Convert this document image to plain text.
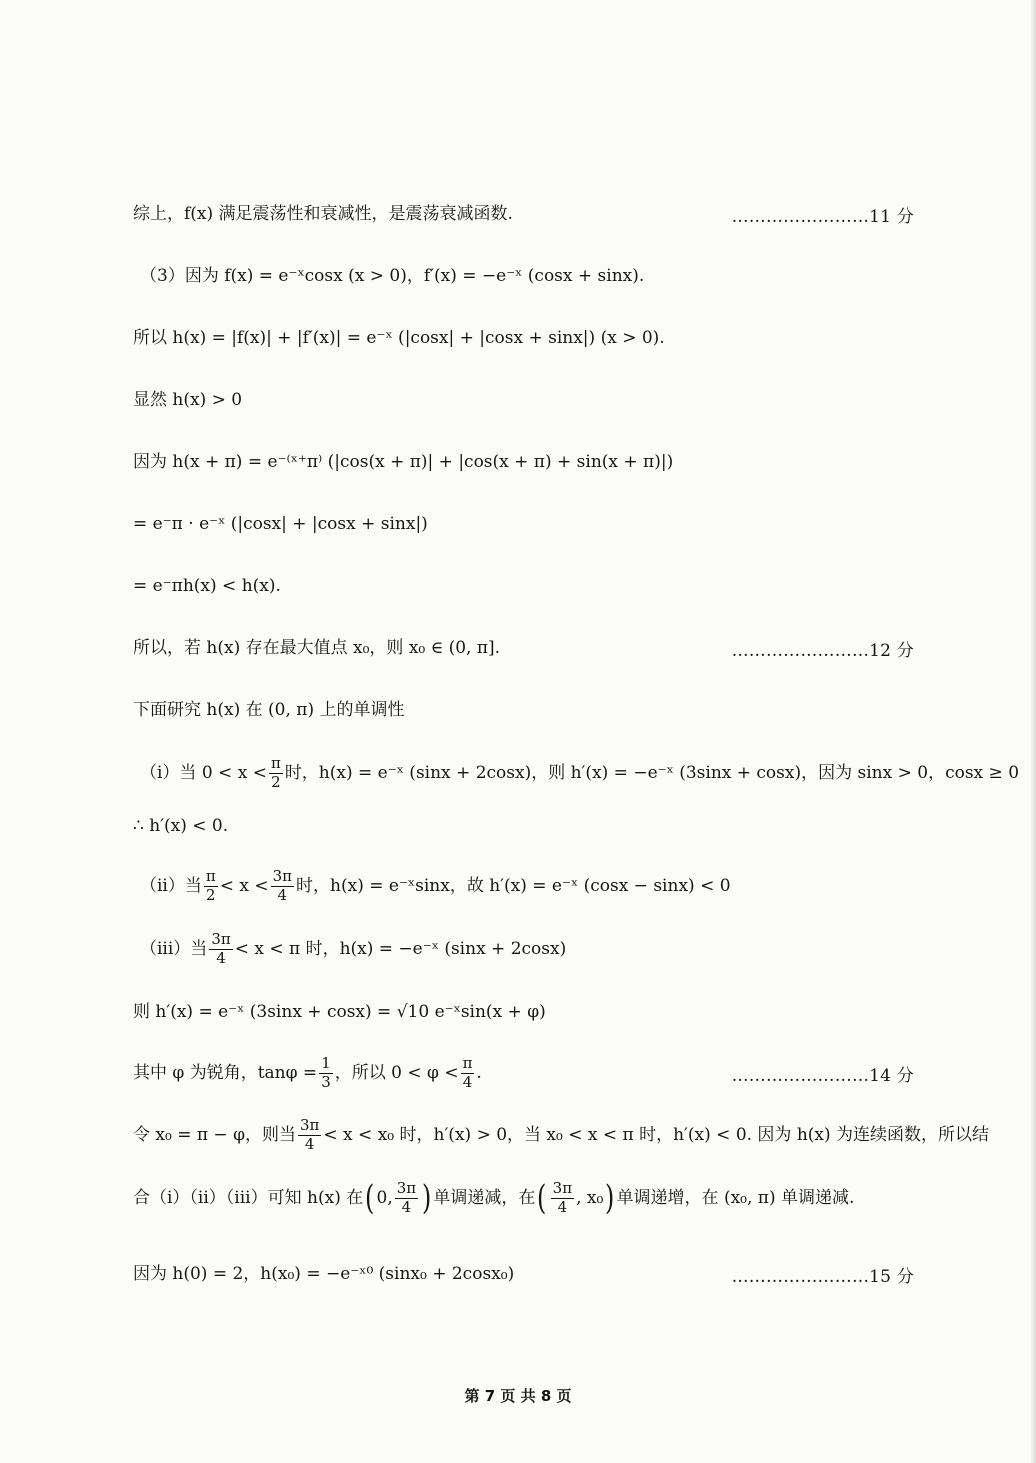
综上，f(x) 满足震荡性和衰减性，是震荡衰减函数.	……………………11 分
（3）因为 f(x) = e⁻ˣcosx (x > 0)，f′(x) = −e⁻ˣ (cosx + sinx).
所以 h(x) = |f(x)| + |f′(x)| = e⁻ˣ (|cosx| + |cosx + sinx|) (x > 0).
显然 h(x) > 0
因为 h(x + π) = e⁻⁽ˣ⁺π⁾ (|cos(x + π)| + |cos(x + π) + sin(x + π)|)
= e⁻π · e⁻ˣ (|cosx| + |cosx + sinx|)
= e⁻πh(x) < h(x).
所以，若 h(x) 存在最大值点 x₀，则 x₀ ∈ (0, π].	……………………12 分
下面研究 h(x) 在 (0, π) 上的单调性
（i）当 $0 < x < \frac{\pi}{2}$ 时，h(x) = e⁻ˣ (sinx + 2cosx)，则 h′(x) = −e⁻ˣ (3sinx + cosx)，因为 sinx > 0，cosx ≥ 0
∴ h′(x) < 0.
（ii）当 $\frac{\pi}{2} < x < \frac{3\pi}{4}$ 时，h(x) = e⁻ˣsinx，故 h′(x) = e⁻ˣ (cosx − sinx) < 0
（iii）当 $\frac{3\pi}{4} < x < \pi$ 时，h(x) = −e⁻ˣ (sinx + 2cosx)
则 h′(x) = e⁻ˣ (3sinx + cosx) = √10 e⁻ˣsin(x + φ)
其中 φ 为锐角，$\tan\varphi = \frac{1}{3}$ ，所以 $0 < \varphi < \frac{\pi}{4}$ .	……………………14 分
令 x₀ = π − φ，则当 $\frac{3\pi}{4} < x < x_0$ 时，h′(x) > 0，当 x₀ < x < π 时，h′(x) < 0. 因为 h(x) 为连续函数，所以结
合（i）（ii）（iii）可知 h(x) 在 ( 0, $\frac{3\pi}{4}$ ) 单调递减，在 ( $\frac{3\pi}{4}$ , x₀ ) 单调递增，在 (x₀, π) 单调递减.
因为 h(0) = 2，h(x₀) = −e⁻ˣ⁰ (sinx₀ + 2cosx₀)	……………………15 分
第 7 页 共 8 页
